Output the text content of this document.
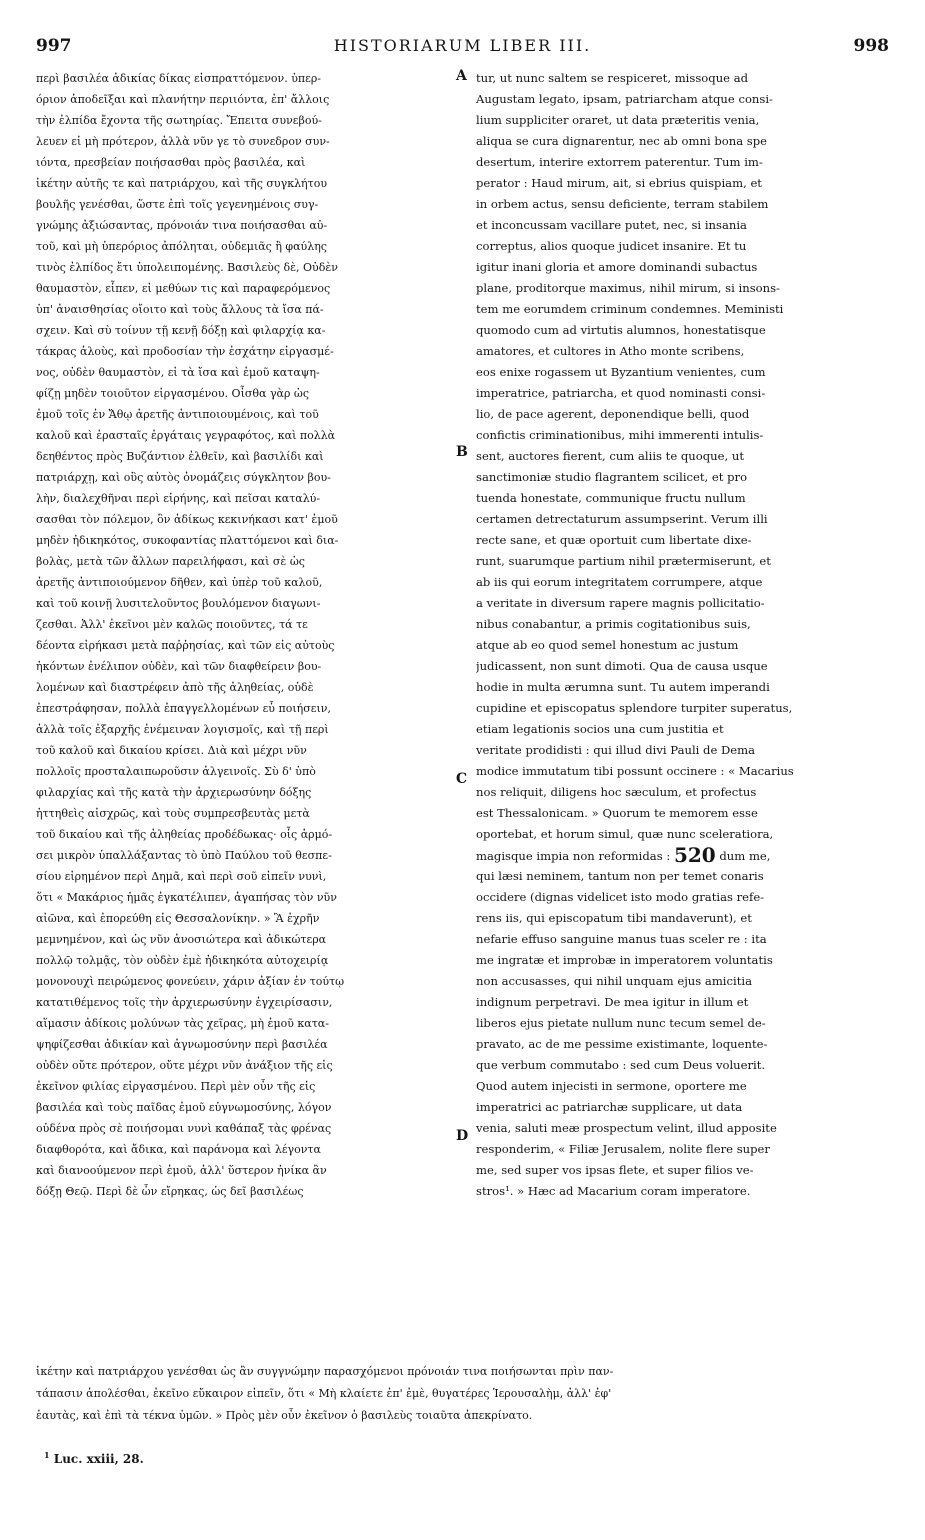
997	HISTORIARUM LIBER III.	998
περὶ βασιλέα ἀδικίας δίκας εἰσπραττόμενον. ὑπερ-
όριον ἀποδεῖξαι καὶ πλανήτην περιιόντα, ἐπ' ἄλλοις
τὴν ἐλπίδα ἔχοντα τῆς σωτηρίας. Ἔπειτα συνεβού-
λευεν εἰ μὴ πρότερον, ἀλλὰ νῦν γε τὸ συνεδρον συν-
ιόντα, πρεσβείαν ποιήσασθαι πρὸς βασιλέα, καὶ
ἱκέτην αὐτῆς τε καὶ πατριάρχου, καὶ τῆς συγκλήτου
βουλῆς γενέσθαι, ὥστε ἐπὶ τοῖς γεγενημένοις συγ-
γνώμης ἀξιώσαντας, πρόνοιάν τινα ποιήσασθαι αὐ-
τοῦ, καὶ μὴ ὑπερόριος ἀπόληται, οὐδεμιᾶς ἢ φαύλης
τινὸς ἐλπίδος ἔτι ὑπολειπομένης. Βασιλεὺς δὲ, Οὐδὲν
θαυμαστὸν, εἶπεν, εἰ μεθύων τις καὶ παραφερόμενος
ὑπ' ἀναισθησίας οἴοιτο καὶ τοὺς ἄλλους τὰ ἴσα πά-
σχειν. Καὶ σὺ τοίνυν τῇ κενῇ δόξῃ καὶ φιλαρχίᾳ κα-
τάκρας ἁλοὺς, καὶ προδοσίαν τὴν ἐσχάτην εἰργασμέ-
νος, οὐδὲν θαυμαστὸν, εἰ τὰ ἴσα καὶ ἐμοῦ καταψη-
φίζῃ μηδὲν τοιοῦτον εἰργασμένου. Οἶσθα γὰρ ὡς
ἐμοῦ τοῖς ἐν Ἄθῳ ἀρετῆς ἀντιποιουμένοις, καὶ τοῦ
καλοῦ καὶ ἐρασταῖς ἐργάταις γεγραφότος, καὶ πολλὰ
δεηθέντος πρὸς Βυζάντιον ἐλθεῖν, καὶ βασιλίδι καὶ
πατριάρχῃ, καὶ οὓς αὐτὸς ὀνομάζεις σύγκλητον βου-
λὴν, διαλεχθῆναι περὶ εἰρήνης, καὶ πεῖσαι καταλύ-
σασθαι τὸν πόλεμον, ὃν ἀδίκως κεκινήκασι κατ' ἐμοῦ
μηδὲν ἠδικηκότος, συκοφαντίας πλαττόμενοι καὶ δια-
βολὰς, μετὰ τῶν ἄλλων παρειλήφασι, καὶ σὲ ὡς
ἀρετῆς ἀντιποιούμενον δῆθεν, καὶ ὑπὲρ τοῦ καλοῦ,
καὶ τοῦ κοινῇ λυσιτελοῦντος βουλόμενον διαγωνι-
ζεσθαι. Ἀλλ' ἐκεῖνοι μὲν καλῶς ποιοῦντες, τά τε
δέοντα εἰρήκασι μετὰ παῤῥησίας, καὶ τῶν εἰς αὐτοὺς
ἡκόντων ἐνέλιπον οὐδὲν, καὶ τῶν διαφθείρειν βου-
λομένων καὶ διαστρέφειν ἀπὸ τῆς ἀληθείας, οὐδὲ
ἐπεστράφησαν, πολλὰ ἐπαγγελλομένων εὖ ποιήσειν,
ἀλλὰ τοῖς ἐξαρχῆς ἐνέμειναν λογισμοῖς, καὶ τῇ περὶ
τοῦ καλοῦ καὶ δικαίου κρίσει. Διὰ καὶ μέχρι νῦν
πολλοῖς προσταλαιπωροῦσιν ἀλγεινοῖς. Σὺ δ' ὑπὸ
φιλαρχίας καὶ τῆς κατὰ τὴν ἀρχιερωσύνην δόξης
ἡττηθεὶς αἰσχρῶς, καὶ τοὺς συμπρεσβευτὰς μετὰ
τοῦ δικαίου καὶ τῆς ἀληθείας προδέδωκας· οἷς ἁρμό-
σει μικρὸν ὑπαλλάξαντας τὸ ὑπὸ Παύλου τοῦ θεσπε-
σίου εἰρημένον περὶ Δημᾶ, καὶ περὶ σοῦ εἰπεῖν νυνὶ,
ὅτι « Μακάριος ἡμᾶς ἐγκατέλιπεν, ἀγαπήσας τὸν νῦν
αἰῶνα, καὶ ἐπορεύθη εἰς Θεσσαλονίκην. » Ἃ ἐχρῆν
μεμνημένον, καὶ ὡς νῦν ἀνοσιώτερα καὶ ἀδικώτερα
πολλῷ τολμᾷς, τὸν οὐδὲν ἐμὲ ἠδικηκότα αὐτοχειρίᾳ
μονονουχὶ πειρώμενος φονεύειν, χάριν ἀξίαν ἐν τούτῳ
κατατιθέμενος τοῖς τὴν ἀρχιερωσύνην ἐγχειρίσασιν,
αἵμασιν ἀδίκοις μολύνων τὰς χεῖρας, μὴ ἐμοῦ κατα-
ψηφίζεσθαι ἀδικίαν καὶ ἀγνωμοσύνην περὶ βασιλέα
οὐδὲν οὔτε πρότερον, οὔτε μέχρι νῦν ἀνάξιον τῆς εἰς
ἐκεῖνον φιλίας εἰργασμένου. Περὶ μὲν οὖν τῆς εἰς
βασιλέα καὶ τοὺς παῖδας ἐμοῦ εὐγνωμοσύνης, λόγον
οὐδένα πρὸς σὲ ποιήσομαι νυνὶ καθάπαξ τὰς φρένας
διαφθορότα, καὶ ἄδικα, καὶ παράνομα καὶ λέγοντα
καὶ διανοούμενον περὶ ἐμοῦ, ἀλλ' ὕστερον ἡνίκα ἂν
δόξῃ Θεῷ. Περὶ δὲ ὧν εἴρηκας, ὡς δεῖ βασιλέως
A
B
C
D
tur, ut nunc saltem se respiceret, missoque ad
Augustam legato, ipsam, patriarcham atque consi-
lium suppliciter oraret, ut data præteritis venia,
aliqua se cura dignarentur, nec ab omni bona spe
desertum, interire extorrem paterentur. Tum im-
perator : Haud mirum, ait, si ebrius quispiam, et
in orbem actus, sensu deficiente, terram stabilem
et inconcussam vacillare putet, nec, si insania
correptus, alios quoque judicet insanire. Et tu
igitur inani gloria et amore dominandi subactus
plane, proditorque maximus, nihil mirum, si insons-
tem me eorumdem criminum condemnes. Meministi
quomodo cum ad virtutis alumnos, honestatisque
amatores, et cultores in Atho monte scribens,
eos enixe rogassem ut Byzantium venientes, cum
imperatrice, patriarcha, et quod nominasti consi-
lio, de pace agerent, deponendique belli, quod
confictis criminationibus, mihi immerenti intulis-
sent, auctores fierent, cum aliis te quoque, ut
sanctimoniæ studio flagrantem scilicet, et pro
tuenda honestate, communique fructu nullum
certamen detrectaturum assumpserint. Verum illi
recte sane, et quæ oportuit cum libertate dixe-
runt, suarumque partium nihil prætermiserunt, et
ab iis qui eorum integritatem corrumpere, atque
a veritate in diversum rapere magnis pollicitatio-
nibus conabantur, a primis cogitationibus suis,
atque ab eo quod semel honestum ac justum
judicassent, non sunt dimoti. Qua de causa usque
hodie in multa ærumna sunt. Tu autem imperandi
cupidine et episcopatus splendore turpiter superatus,
etiam legationis socios una cum justitia et
veritate prodidisti : qui illud divi Pauli de Dema
modice immutatum tibi possunt occinere : « Macarius
nos reliquit, diligens hoc sæculum, et profectus
est Thessalonicam. » Quorum te memorem esse
oportebat, et horum simul, quæ nunc sceleratiora,
magisque impia non reformidas : 520 dum me,
qui læsi neminem, tantum non per temet conaris
occidere (dignas videlicet isto modo gratias refe-
rens iis, qui episcopatum tibi mandaverunt), et
nefarie effuso sanguine manus tuas sceler re : ita
me ingratæ et improbæ in imperatorem voluntatis
non accusasses, qui nihil unquam ejus amicitia
indignum perpetravi. De mea igitur in illum et
liberos ejus pietate nullum nunc tecum semel de-
pravato, ac de me pessime existimante, loquente-
que verbum commutabo : sed cum Deus voluerit.
Quod autem injecisti in sermone, oportere me
imperatrici ac patriarchæ supplicare, ut data
venia, saluti meæ prospectum velint, illud apposite
responderim, « Filiæ Jerusalem, nolite flere super
me, sed super vos ipsas flete, et super filios ve-
stros¹. » Hæc ad Macarium coram imperatore.
ἱκέτην καὶ πατριάρχου γενέσθαι ὡς ἂν συγγνώμην παρασχόμενοι πρόνοιάν τινα ποιήσωνται πρὶν παν-
τάπασιν ἀπολέσθαι, ἐκεῖνο εὔκαιρον εἰπεῖν, ὅτι « Μὴ κλαίετε ἐπ' ἐμὲ, θυγατέρες Ἱερουσαλὴμ, ἀλλ' ἐφ'
ἑαυτὰς, καὶ ἐπὶ τὰ τέκνα ὑμῶν. » Πρὸς μὲν οὖν ἐκεῖνον ὁ βασιλεὺς τοιαῦτα ἀπεκρίνατο.
$^1$ Luc. xxiii, 28.
